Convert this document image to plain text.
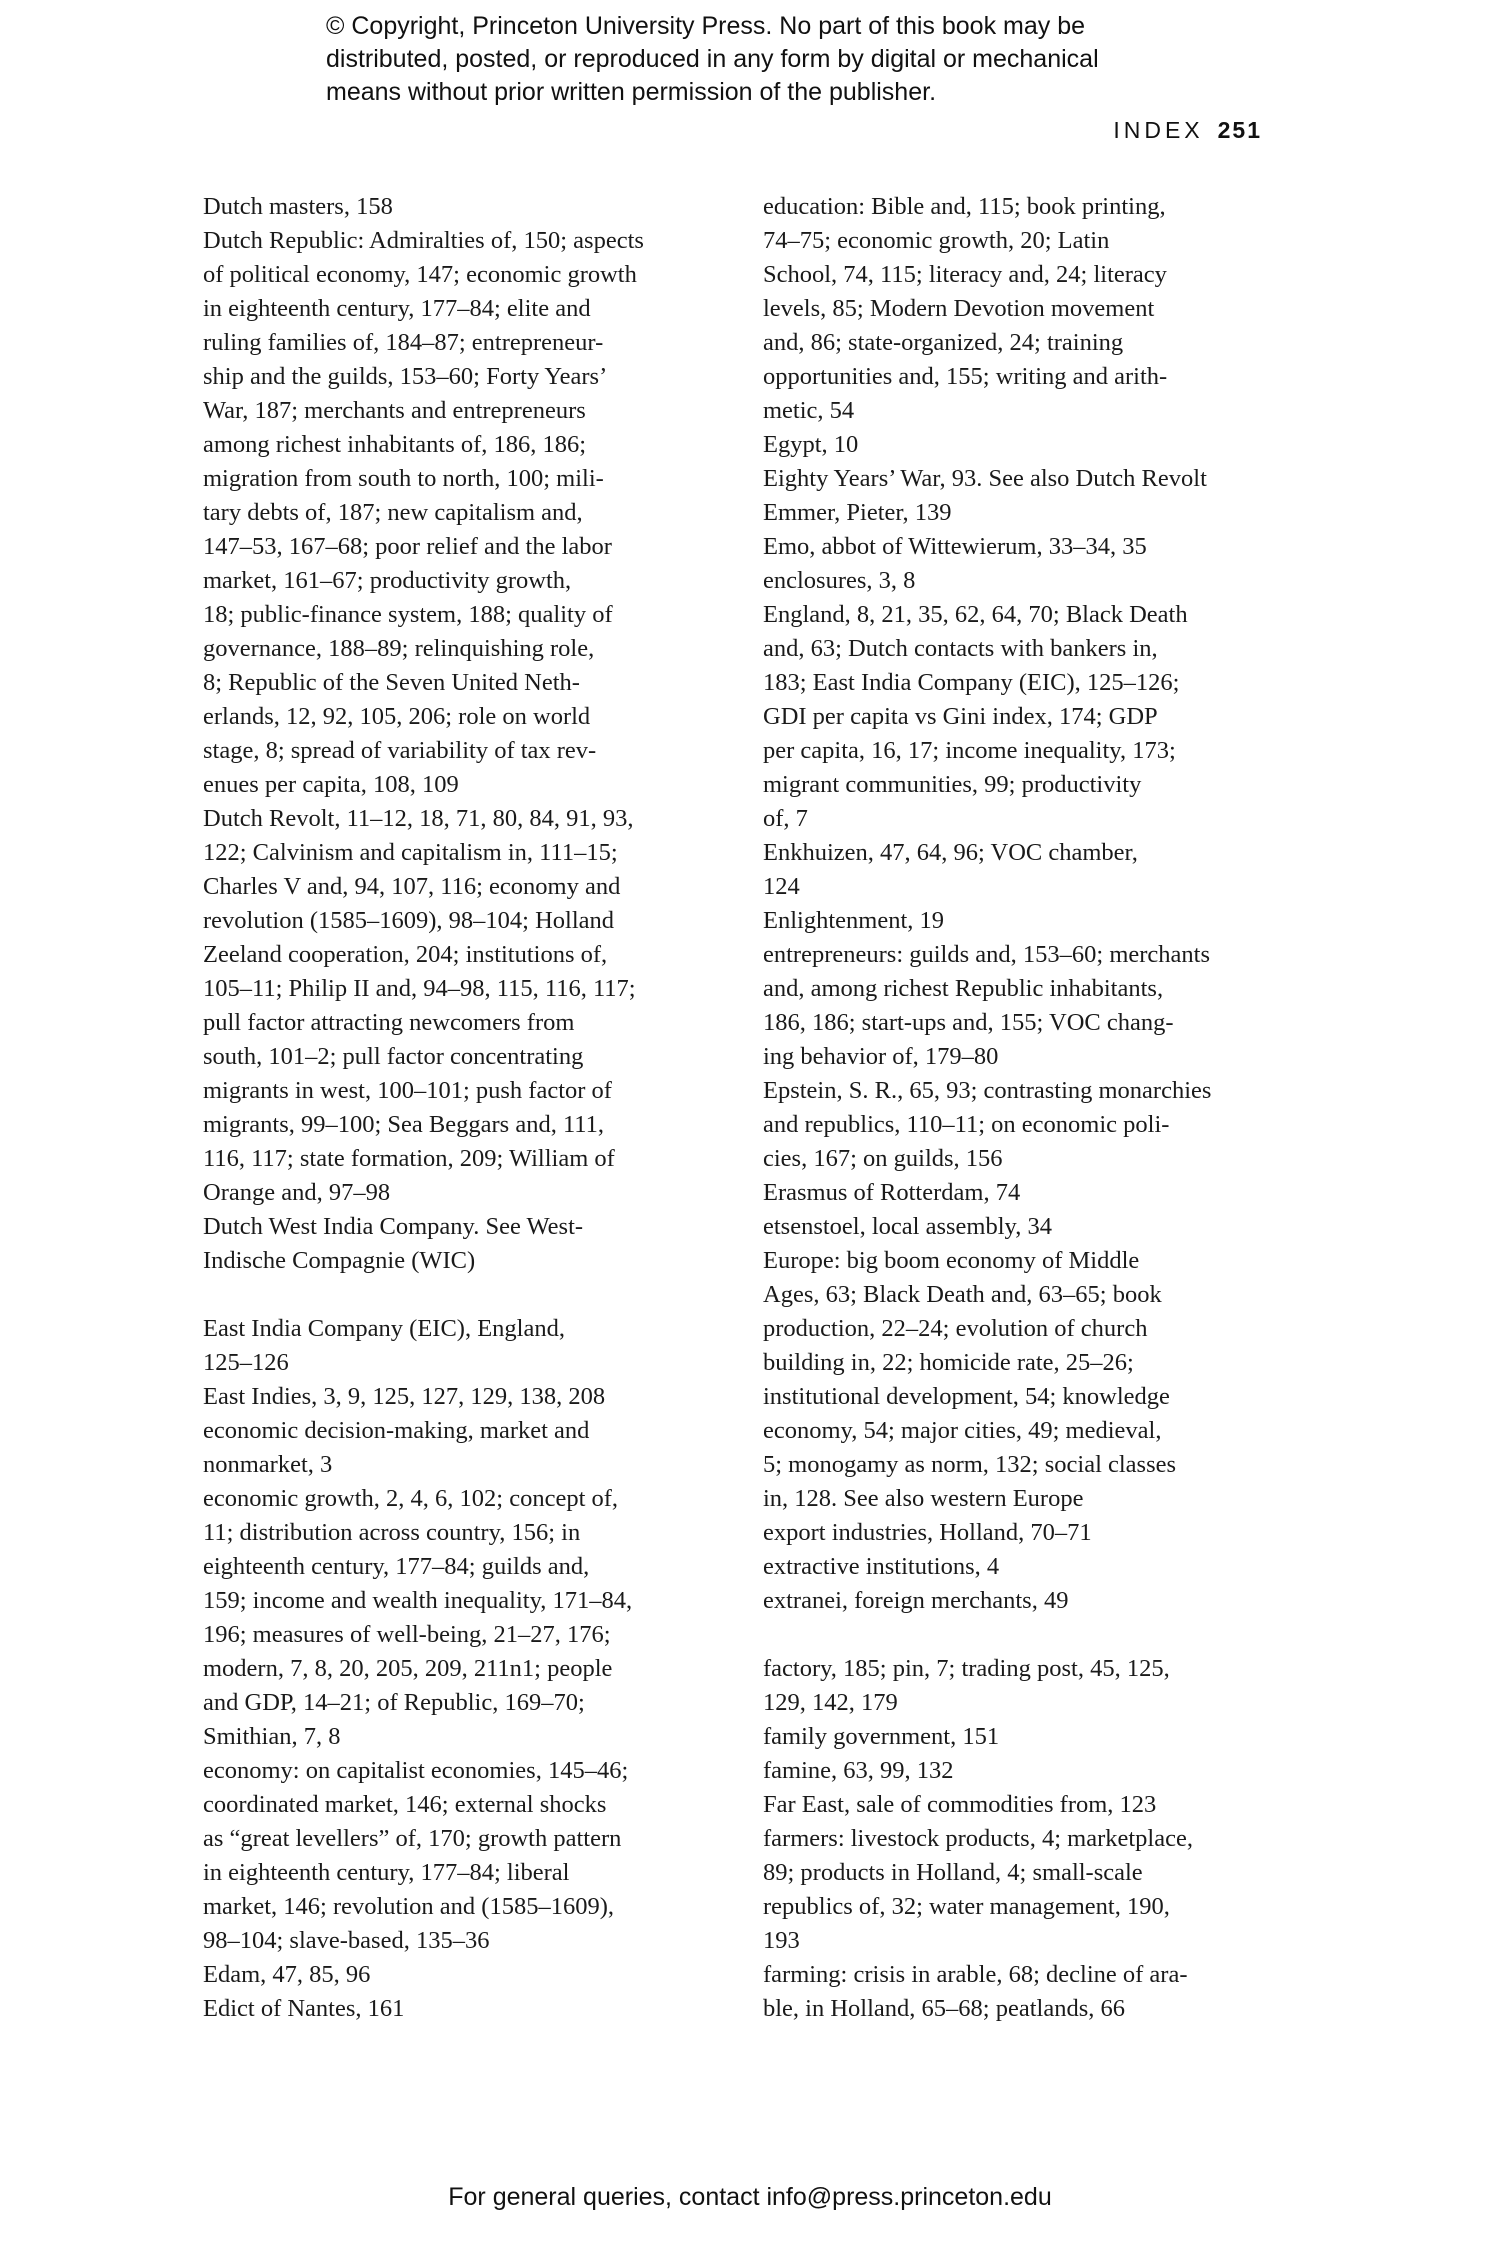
© Copyright, Princeton University Press. No part of this book may be
distributed, posted, or reproduced in any form by digital or mechanical
means without prior written permission of the publisher.
INDEX 251
Dutch masters, 158
Dutch Republic: Admiralties of, 150; aspects
of political economy, 147; economic growth
in eighteenth century, 177–84; elite and
ruling families of, 184–87; entrepreneur-
ship and the guilds, 153–60; Forty Years’
War, 187; merchants and entrepreneurs
among richest inhabitants of, 186, 186;
migration from south to north, 100; mili-
tary debts of, 187; new capitalism and,
147–53, 167–68; poor relief and the labor
market, 161–67; productivity growth,
18; public-finance system, 188; quality of
governance, 188–89; relinquishing role,
8; Republic of the Seven United Neth-
erlands, 12, 92, 105, 206; role on world
stage, 8; spread of variability of tax rev-
enues per capita, 108, 109
Dutch Revolt, 11–12, 18, 71, 80, 84, 91, 93,
122; Calvinism and capitalism in, 111–15;
Charles V and, 94, 107, 116; economy and
revolution (1585–1609), 98–104; Holland
Zeeland cooperation, 204; institutions of,
105–11; Philip II and, 94–98, 115, 116, 117;
pull factor attracting newcomers from
south, 101–2; pull factor concentrating
migrants in west, 100–101; push factor of
migrants, 99–100; Sea Beggars and, 111,
116, 117; state formation, 209; William of
Orange and, 97–98
Dutch West India Company. See West-
Indische Compagnie (WIC)
East India Company (EIC), England,
125–126
East Indies, 3, 9, 125, 127, 129, 138, 208
economic decision-making, market and
nonmarket, 3
economic growth, 2, 4, 6, 102; concept of,
11; distribution across country, 156; in
eighteenth century, 177–84; guilds and,
159; income and wealth inequality, 171–84,
196; measures of well-being, 21–27, 176;
modern, 7, 8, 20, 205, 209, 211n1; people
and GDP, 14–21; of Republic, 169–70;
Smithian, 7, 8
economy: on capitalist economies, 145–46;
coordinated market, 146; external shocks
as “great levellers” of, 170; growth pattern
in eighteenth century, 177–84; liberal
market, 146; revolution and (1585–1609),
98–104; slave-based, 135–36
Edam, 47, 85, 96
Edict of Nantes, 161
education: Bible and, 115; book printing,
74–75; economic growth, 20; Latin
School, 74, 115; literacy and, 24; literacy
levels, 85; Modern Devotion movement
and, 86; state-organized, 24; training
opportunities and, 155; writing and arith-
metic, 54
Egypt, 10
Eighty Years’ War, 93. See also Dutch Revolt
Emmer, Pieter, 139
Emo, abbot of Wittewierum, 33–34, 35
enclosures, 3, 8
England, 8, 21, 35, 62, 64, 70; Black Death
and, 63; Dutch contacts with bankers in,
183; East India Company (EIC), 125–126;
GDI per capita vs Gini index, 174; GDP
per capita, 16, 17; income inequality, 173;
migrant communities, 99; productivity
of, 7
Enkhuizen, 47, 64, 96; VOC chamber,
124
Enlightenment, 19
entrepreneurs: guilds and, 153–60; merchants
and, among richest Republic inhabitants,
186, 186; start-ups and, 155; VOC chang-
ing behavior of, 179–80
Epstein, S. R., 65, 93; contrasting monarchies
and republics, 110–11; on economic poli-
cies, 167; on guilds, 156
Erasmus of Rotterdam, 74
etsenstoel, local assembly, 34
Europe: big boom economy of Middle
Ages, 63; Black Death and, 63–65; book
production, 22–24; evolution of church
building in, 22; homicide rate, 25–26;
institutional development, 54; knowledge
economy, 54; major cities, 49; medieval,
5; monogamy as norm, 132; social classes
in, 128. See also western Europe
export industries, Holland, 70–71
extractive institutions, 4
extranei, foreign merchants, 49
factory, 185; pin, 7; trading post, 45, 125,
129, 142, 179
family government, 151
famine, 63, 99, 132
Far East, sale of commodities from, 123
farmers: livestock products, 4; marketplace,
89; products in Holland, 4; small-scale
republics of, 32; water management, 190,
193
farming: crisis in arable, 68; decline of ara-
ble, in Holland, 65–68; peatlands, 66
For general queries, contact info@press.princeton.edu
